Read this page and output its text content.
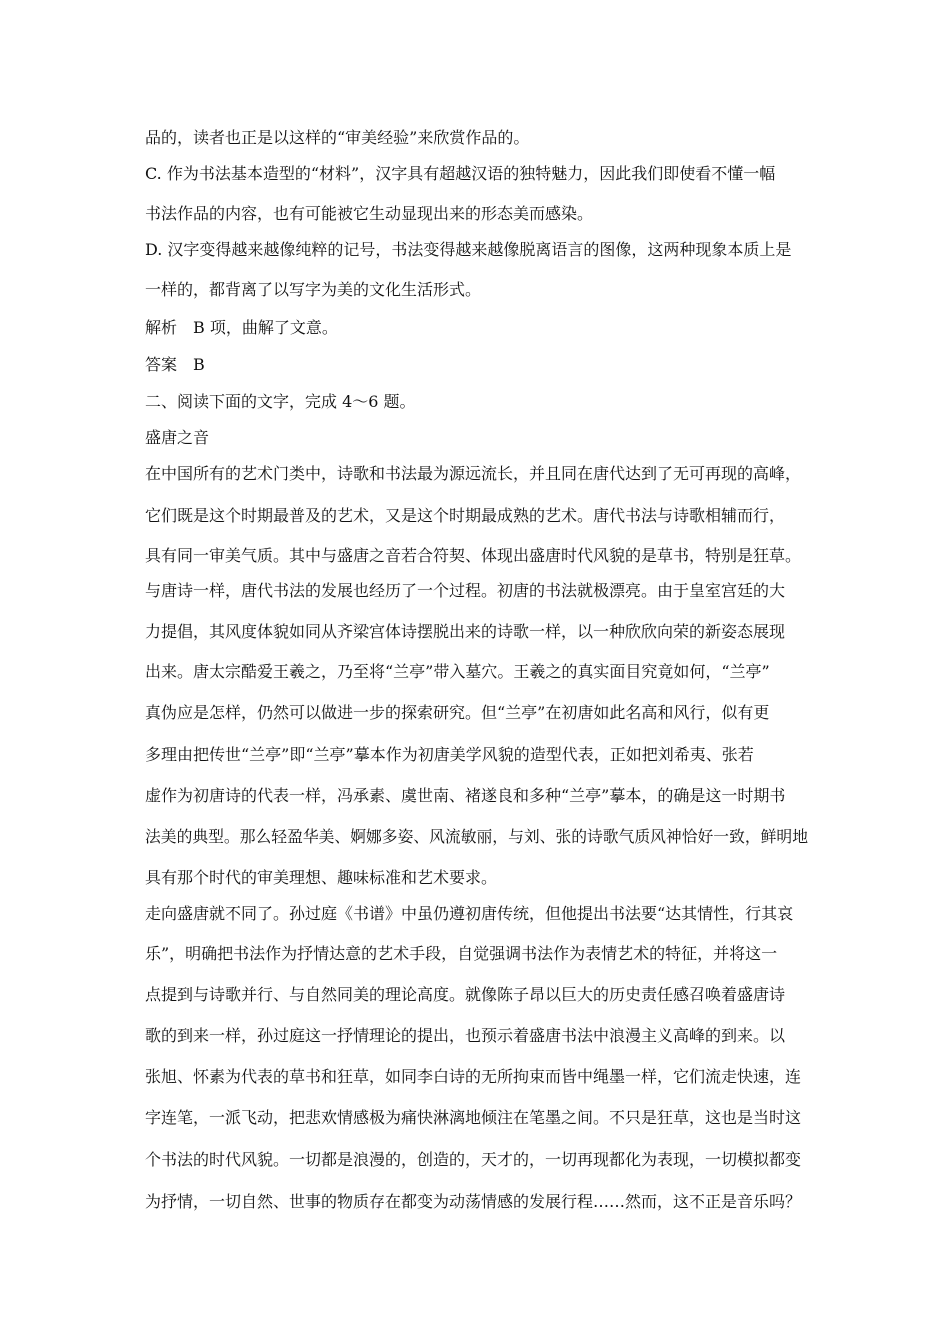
品的，读者也正是以这样的“审美经验”来欣赏作品的。
C. 作为书法基本造型的“材料”，汉字具有超越汉语的独特魅力，因此我们即使看不懂一幅
书法作品的内容，也有可能被它生动显现出来的形态美而感染。
D. 汉字变得越来越像纯粹的记号，书法变得越来越像脱离语言的图像，这两种现象本质上是
一样的，都背离了以写字为美的文化生活形式。
解析　B 项，曲解了文意。
答案　B
二、阅读下面的文字，完成 4～6 题。
盛唐之音
在中国所有的艺术门类中，诗歌和书法最为源远流长，并且同在唐代达到了无可再现的高峰，
它们既是这个时期最普及的艺术，又是这个时期最成熟的艺术。唐代书法与诗歌相辅而行，
具有同一审美气质。其中与盛唐之音若合符契、体现出盛唐时代风貌的是草书，特别是狂草。
与唐诗一样，唐代书法的发展也经历了一个过程。初唐的书法就极漂亮。由于皇室宫廷的大
力提倡，其风度体貌如同从齐梁宫体诗摆脱出来的诗歌一样，以一种欣欣向荣的新姿态展现
出来。唐太宗酷爱王羲之，乃至将“兰亭”带入墓穴。王羲之的真实面目究竟如何，“兰亭”
真伪应是怎样，仍然可以做进一步的探索研究。但“兰亭”在初唐如此名高和风行，似有更
多理由把传世“兰亭”即“兰亭”摹本作为初唐美学风貌的造型代表，正如把刘希夷、张若
虚作为初唐诗的代表一样，冯承素、虞世南、褚遂良和多种“兰亭”摹本，的确是这一时期书
法美的典型。那么轻盈华美、婀娜多姿、风流敏丽，与刘、张的诗歌气质风神恰好一致，鲜明地
具有那个时代的审美理想、趣味标准和艺术要求。
走向盛唐就不同了。孙过庭《书谱》中虽仍遵初唐传统，但他提出书法要“达其情性，行其哀
乐”，明确把书法作为抒情达意的艺术手段，自觉强调书法作为表情艺术的特征，并将这一
点提到与诗歌并行、与自然同美的理论高度。就像陈子昂以巨大的历史责任感召唤着盛唐诗
歌的到来一样，孙过庭这一抒情理论的提出，也预示着盛唐书法中浪漫主义高峰的到来。以
张旭、怀素为代表的草书和狂草，如同李白诗的无所拘束而皆中绳墨一样，它们流走快速，连
字连笔，一派飞动，把悲欢情感极为痛快淋漓地倾注在笔墨之间。不只是狂草，这也是当时这
个书法的时代风貌。一切都是浪漫的，创造的，天才的，一切再现都化为表现，一切模拟都变
为抒情，一切自然、世事的物质存在都变为动荡情感的发展行程……然而，这不正是音乐吗？
